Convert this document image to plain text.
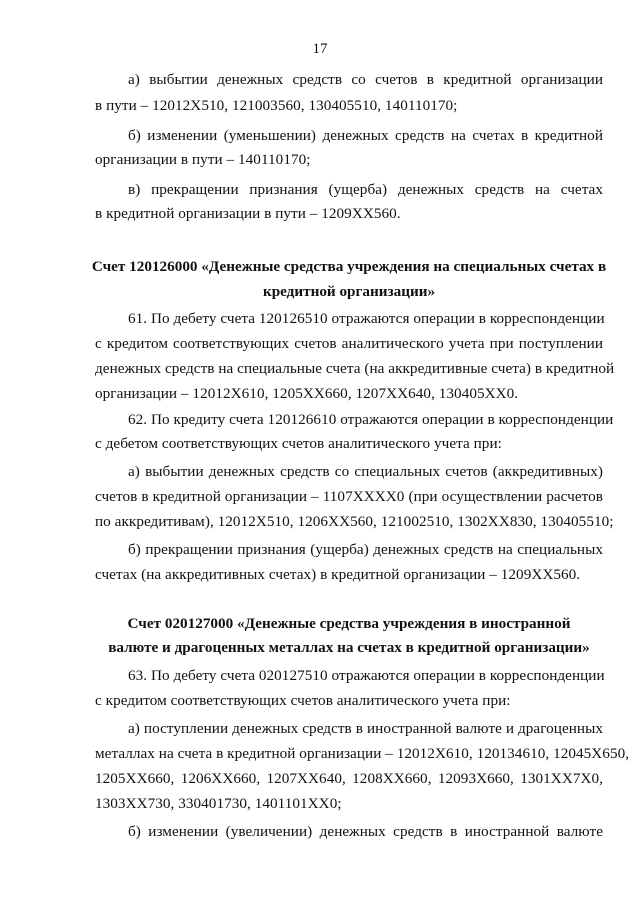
17
а) выбытии денежных средств со счетов в кредитной организации
в пути – 12012Х510, 121003560, 130405510, 140110170;
б) изменении (уменьшении) денежных средств на счетах в кредитной
организации в пути – 140110170;
в) прекращении признания (ущерба) денежных средств на счетах
в кредитной организации в пути – 1209ХХ560.
Счет 120126000 «Денежные средства учреждения на специальных счетах в
кредитной организации»
61. По дебету счета 120126510 отражаются операции в корреспонденции
с кредитом соответствующих счетов аналитического учета при поступлении
денежных средств на специальные счета (на аккредитивные счета) в кредитной
организации – 12012Х610, 1205ХХ660, 1207ХХ640, 130405ХХ0.
62. По кредиту счета 120126610 отражаются операции в корреспонденции
с дебетом соответствующих счетов аналитического учета при:
а) выбытии денежных средств со специальных счетов (аккредитивных)
счетов в кредитной организации – 1107ХХХХ0 (при осуществлении расчетов
по аккредитивам), 12012Х510, 1206ХХ560, 121002510, 1302ХХ830, 130405510;
б) прекращении признания (ущерба) денежных средств на специальных
счетах (на аккредитивных счетах) в кредитной организации – 1209ХХ560.
Счет 020127000 «Денежные средства учреждения в иностранной
валюте и драгоценных металлах на счетах в кредитной организации»
63. По дебету счета 020127510 отражаются операции в корреспонденции
с кредитом соответствующих счетов аналитического учета при:
а) поступлении денежных средств в иностранной валюте и драгоценных
металлах на счета в кредитной организации – 12012Х610, 120134610, 12045Х650,
1205ХХ660, 1206ХХ660, 1207ХХ640, 1208ХХ660, 12093Х660, 1301ХХ7Х0,
1303ХХ730, 330401730, 1401101ХХ0;
б) изменении (увеличении) денежных средств в иностранной валюте
